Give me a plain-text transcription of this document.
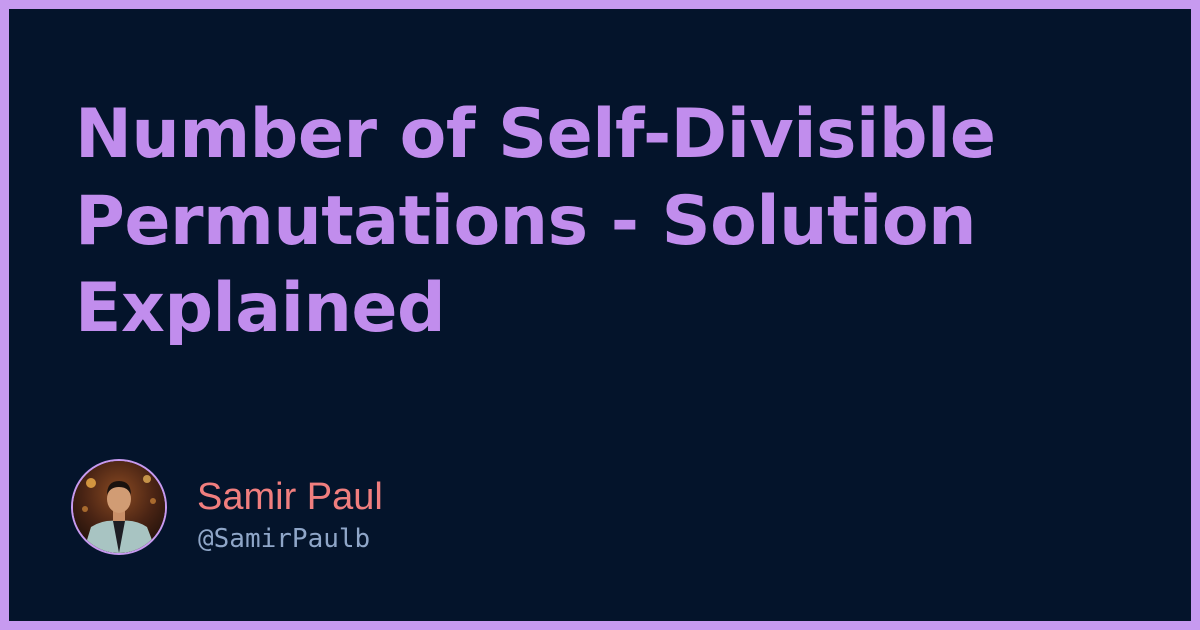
Number of Self-Divisible Permutations - Solution Explained
Samir Paul
@SamirPaulb
